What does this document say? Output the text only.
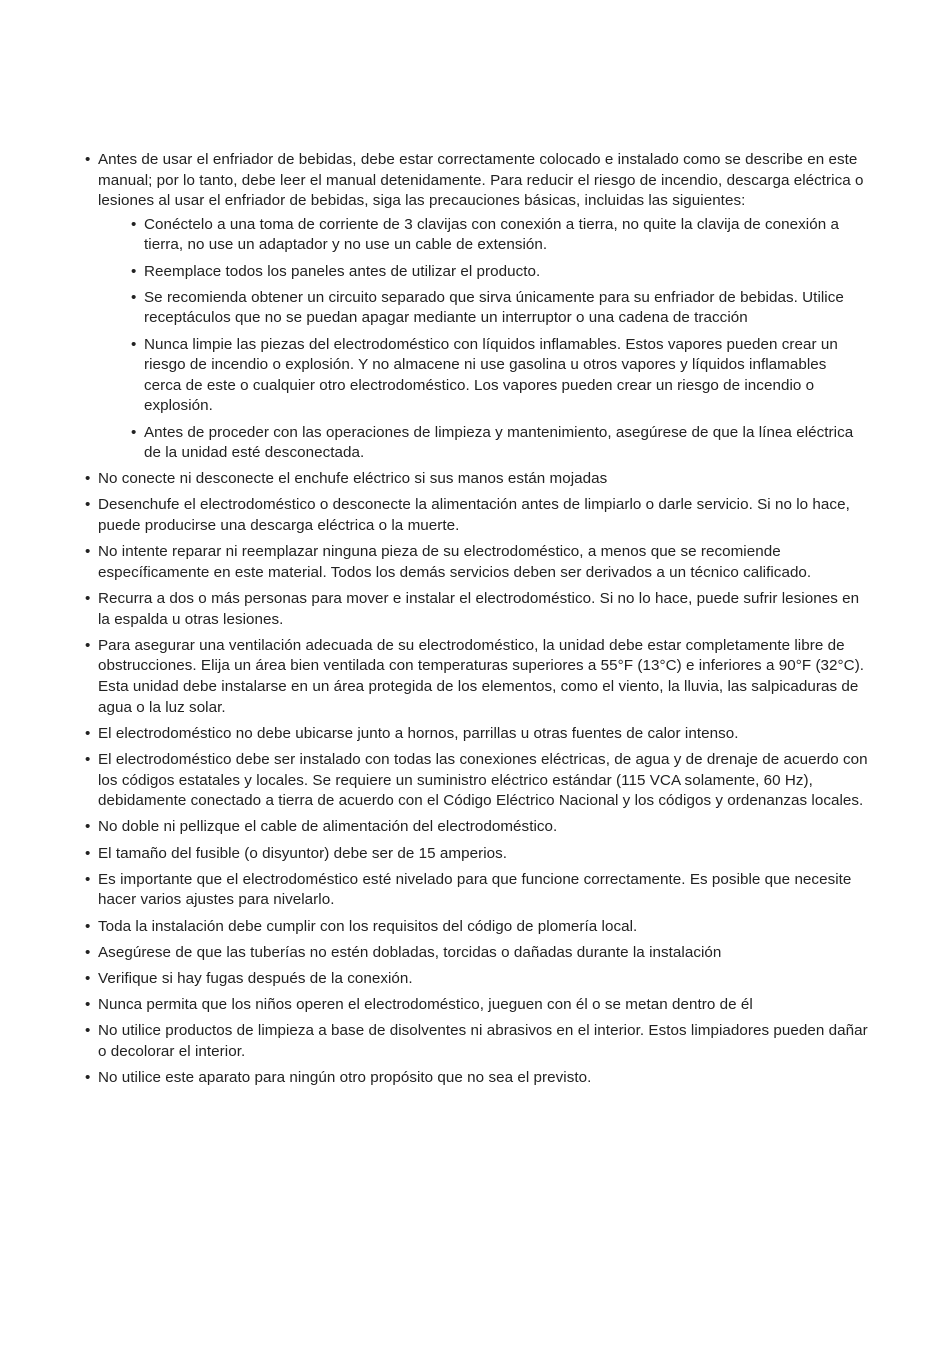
• Antes de usar el enfriador de bebidas, debe estar correctamente colocado e instalado como se describe en este manual; por lo tanto, debe leer el manual detenidamente. Para reducir el riesgo de incendio, descarga eléctrica o lesiones al usar el enfriador de bebidas, siga las precauciones básicas, incluidas las siguientes:
• Conéctelo a una toma de corriente de 3 clavijas con conexión a tierra, no quite la clavija de conexión a tierra, no use un adaptador y no use un cable de extensión.
• Reemplace todos los paneles antes de utilizar el producto.
• Se recomienda obtener un circuito separado que sirva únicamente para su enfriador de bebidas. Utilice receptáculos que no se puedan apagar mediante un interruptor o una cadena de tracción
• Nunca limpie las piezas del electrodoméstico con líquidos inflamables. Estos vapores pueden crear un riesgo de incendio o explosión. Y no almacene ni use gasolina u otros vapores y líquidos inflamables cerca de este o cualquier otro electrodoméstico. Los vapores pueden crear un riesgo de incendio o explosión.
• Antes de proceder con las operaciones de limpieza y mantenimiento, asegúrese de que la línea eléctrica de la unidad esté desconectada.
• No conecte ni desconecte el enchufe eléctrico si sus manos están mojadas
• Desenchufe el electrodoméstico o desconecte la alimentación antes de limpiarlo o darle servicio. Si no lo hace, puede producirse una descarga eléctrica o la muerte.
• No intente reparar ni reemplazar ninguna pieza de su electrodoméstico, a menos que se recomiende específicamente en este material. Todos los demás servicios deben ser derivados a un técnico calificado.
• Recurra a dos o más personas para mover e instalar el electrodoméstico. Si no lo hace, puede sufrir lesiones en la espalda u otras lesiones.
• Para asegurar una ventilación adecuada de su electrodoméstico, la unidad debe estar completamente libre de obstrucciones. Elija un área bien ventilada con temperaturas superiores a 55°F (13°C) e inferiores a 90°F (32°C). Esta unidad debe instalarse en un área protegida de los elementos, como el viento, la lluvia, las salpicaduras de agua o la luz solar.
• El electrodoméstico no debe ubicarse junto a hornos, parrillas u otras fuentes de calor intenso.
• El electrodoméstico debe ser instalado con todas las conexiones eléctricas, de agua y de drenaje de acuerdo con los códigos estatales y locales. Se requiere un suministro eléctrico estándar (115 VCA solamente, 60 Hz), debidamente conectado a tierra de acuerdo con el Código Eléctrico Nacional y los códigos y ordenanzas locales.
• No doble ni pellizque el cable de alimentación del electrodoméstico.
• El tamaño del fusible (o disyuntor) debe ser de 15 amperios.
• Es importante que el electrodoméstico esté nivelado para que funcione correctamente. Es posible que necesite hacer varios ajustes para nivelarlo.
• Toda la instalación debe cumplir con los requisitos del código de plomería local.
• Asegúrese de que las tuberías no estén dobladas, torcidas o dañadas durante la instalación
• Verifique si hay fugas después de la conexión.
• Nunca permita que los niños operen el electrodoméstico, jueguen con él o se metan dentro de él
• No utilice productos de limpieza a base de disolventes ni abrasivos en el interior. Estos limpiadores pueden dañar o decolorar el interior.
• No utilice este aparato para ningún otro propósito que no sea el previsto.
